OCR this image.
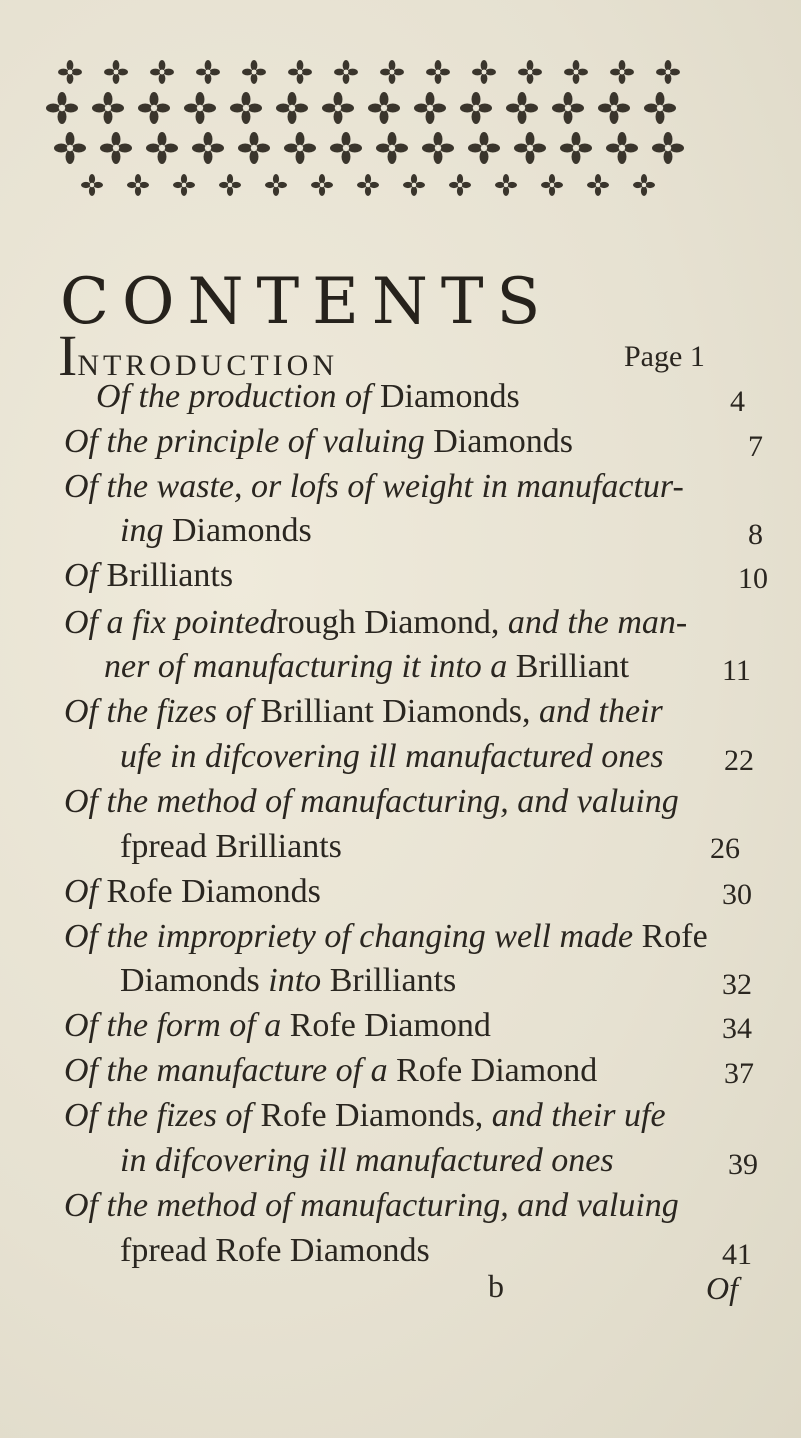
CONTENTS
INTRODUCTION	Page 1
Of the production of Diamonds	4
Of the principle of valuing Diamonds	7
Of the waste, or lofs of weight in manufactur-
ing Diamonds	8
Of Brilliants	10
Of a fix pointedrough Diamond, and the man-
ner of manufacturing it into a Brilliant	11
Of the fizes of Brilliant Diamonds, and their
ufe in difcovering ill manufactured ones 22
Of the method of manufacturing, and valuing
fpread Brilliants	26
Of Rofe Diamonds	30
Of the impropriety of changing well made Rofe
Diamonds into Brilliants	32
Of the form of a Rofe Diamond	34
Of the manufacture of a Rofe Diamond	37
Of the fizes of Rofe Diamonds, and their ufe
in difcovering ill manufactured ones	39
Of the method of manufacturing, and valuing
fpread Rofe Diamonds	41
b	Of
